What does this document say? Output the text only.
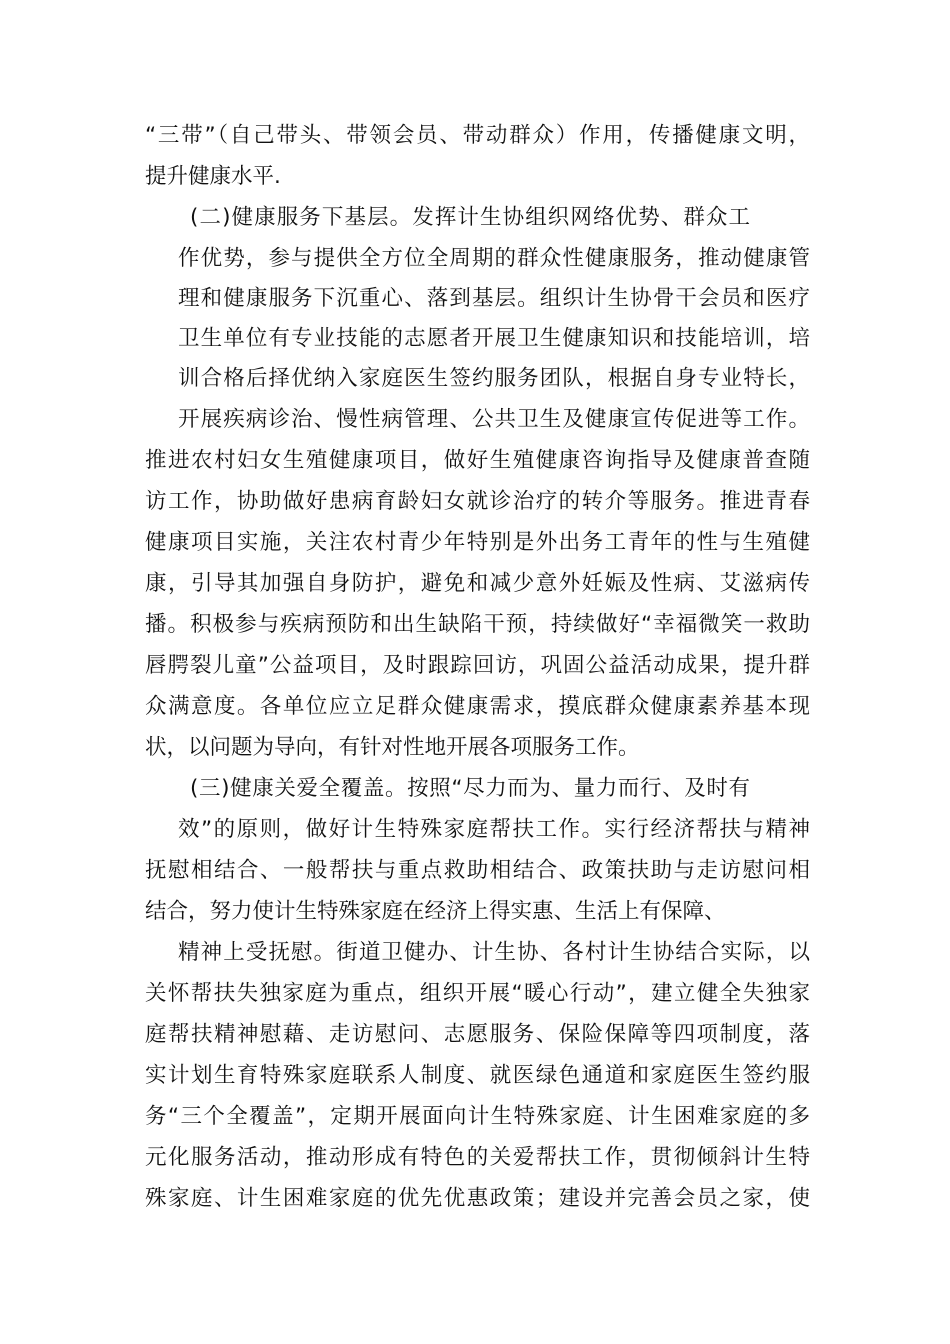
“三带”（自己带头、带领会员、带动群众）作用，传播健康文明，
提升健康水平.
(二)健康服务下基层。发挥计生协组织网络优势、群众工
作优势，参与提供全方位全周期的群众性健康服务，推动健康管
理和健康服务下沉重心、落到基层。组织计生协骨干会员和医疗
卫生单位有专业技能的志愿者开展卫生健康知识和技能培训，培
训合格后择优纳入家庭医生签约服务团队，根据自身专业特长，
开展疾病诊治、慢性病管理、公共卫生及健康宣传促进等工作。
推进农村妇女生殖健康项目，做好生殖健康咨询指导及健康普查随
访工作，协助做好患病育龄妇女就诊治疗的转介等服务。推进青春
健康项目实施，关注农村青少年特别是外出务工青年的性与生殖健
康，引导其加强自身防护，避免和减少意外妊娠及性病、艾滋病传
播。积极参与疾病预防和出生缺陷干预，持续做好“幸福微笑一救助
唇腭裂儿童”公益项目，及时跟踪回访，巩固公益活动成果，提升群
众满意度。各单位应立足群众健康需求，摸底群众健康素养基本现
状，以问题为导向，有针对性地开展各项服务工作。
(三)健康关爱全覆盖。按照“尽力而为、量力而行、及时有
效”的原则，做好计生特殊家庭帮扶工作。实行经济帮扶与精神
抚慰相结合、一般帮扶与重点救助相结合、政策扶助与走访慰问相
结合，努力使计生特殊家庭在经济上得实惠、生活上有保障、
精神上受抚慰。街道卫健办、计生协、各村计生协结合实际，以
关怀帮扶失独家庭为重点，组织开展“暖心行动”，建立健全失独家
庭帮扶精神慰藉、走访慰问、志愿服务、保险保障等四项制度，落
实计划生育特殊家庭联系人制度、就医绿色通道和家庭医生签约服
务“三个全覆盖”，定期开展面向计生特殊家庭、计生困难家庭的多
元化服务活动，推动形成有特色的关爱帮扶工作，贯彻倾斜计生特
殊家庭、计生困难家庭的优先优惠政策；建设并完善会员之家，使
